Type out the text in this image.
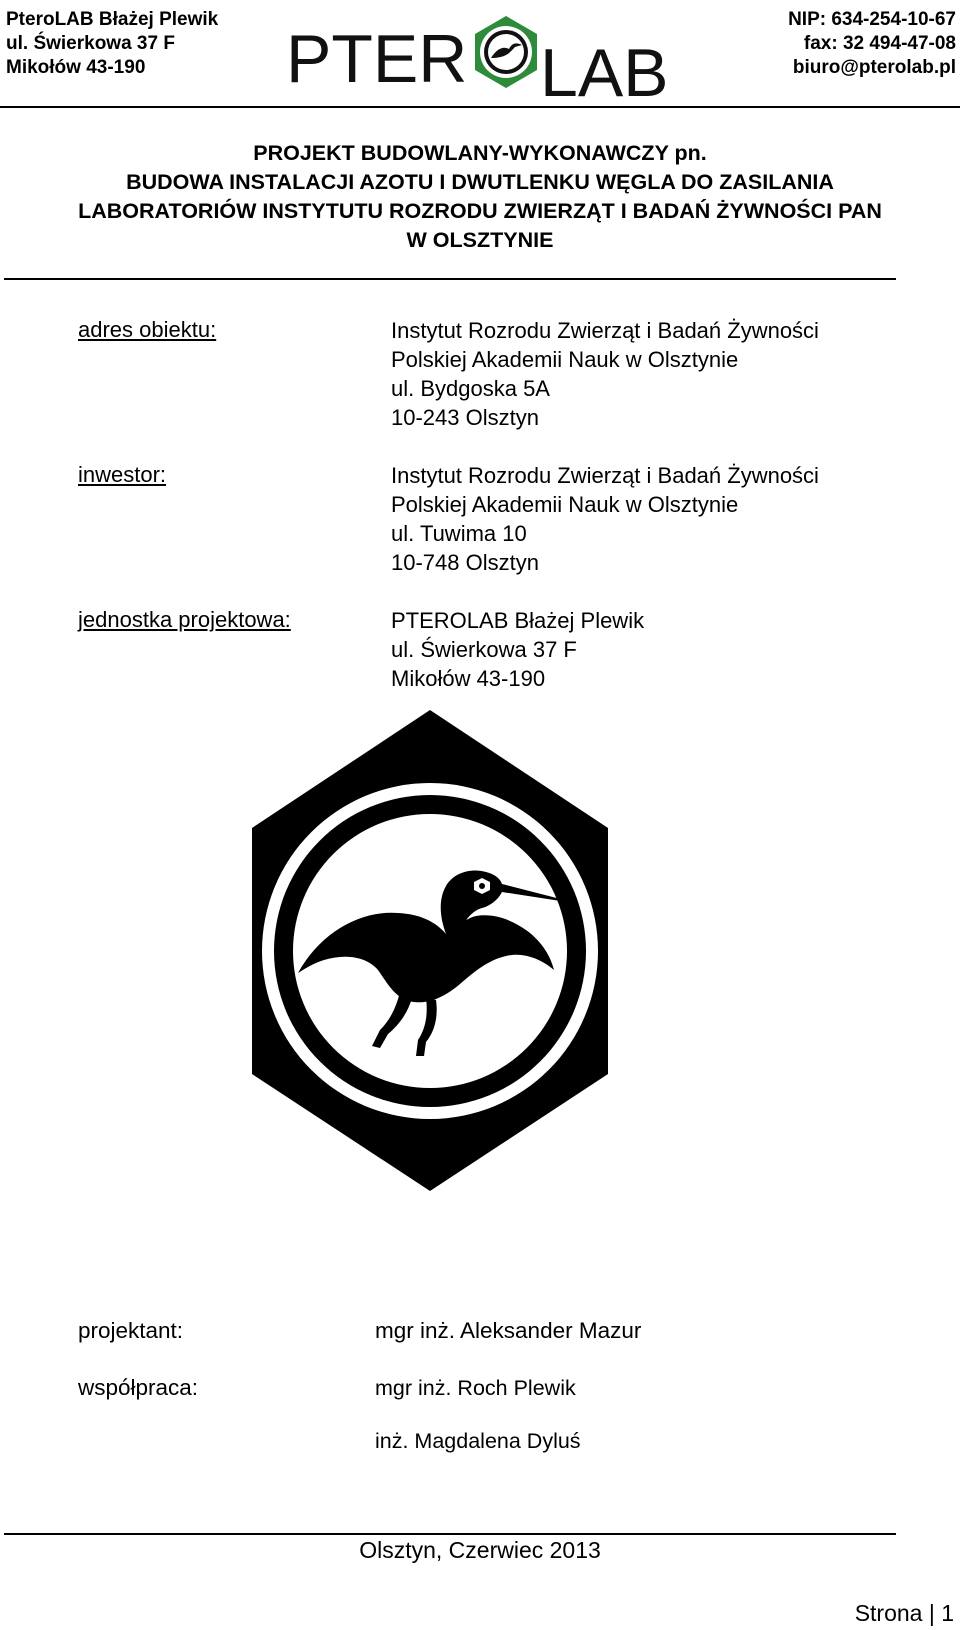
PteroLAB Błażej Plewik
ul. Świerkowa 37 F
Mikołów 43-190	PTER LAB
NIP: 634-254-10-67
fax: 32 494-47-08
biuro@pterolab.pl
PROJEKT BUDOWLANY-WYKONAWCZY pn.
BUDOWA INSTALACJI AZOTU I DWUTLENKU WĘGLA DO ZASILANIA
LABORATORIÓW INSTYTUTU ROZRODU ZWIERZĄT I BADAŃ ŻYWNOŚCI PAN
W OLSZTYNIE
adres obiektu:	Instytut Rozrodu Zwierząt i Badań Żywności
Polskiej Akademii Nauk w Olsztynie
ul. Bydgoska 5A
10-243 Olsztyn
inwestor:	Instytut Rozrodu Zwierząt i Badań Żywności
Polskiej Akademii Nauk w Olsztynie
ul. Tuwima 10
10-748 Olsztyn
jednostka projektowa:	PTEROLAB Błażej Plewik
ul. Świerkowa 37 F
Mikołów 43-190
projektant:	mgr inż. Aleksander Mazur
współpraca:	mgr inż. Roch Plewik
inż. Magdalena Dyluś
Olsztyn, Czerwiec 2013
Strona | 1
